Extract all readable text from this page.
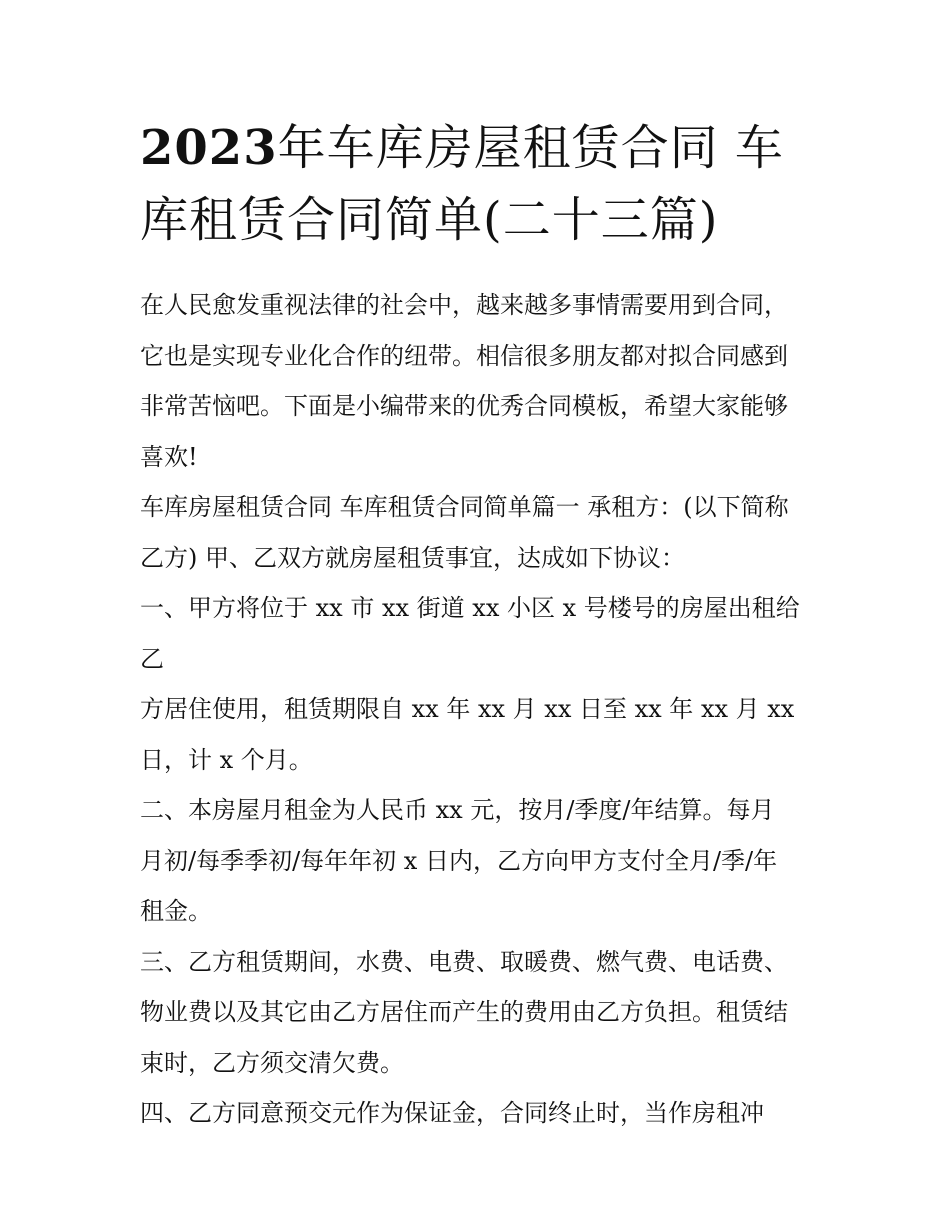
2023年车库房屋租赁合同 车库租赁合同简单(二十三篇)

在人民愈发重视法律的社会中，越来越多事情需要用到合同，
它也是实现专业化合作的纽带。相信很多朋友都对拟合同感到
非常苦恼吧。下面是小编带来的优秀合同模板，希望大家能够
喜欢!

车库房屋租赁合同 车库租赁合同简单篇一 承租方：(以下简称
乙方) 甲、乙双方就房屋租赁事宜，达成如下协议：

一、甲方将位于 xx 市 xx 街道 xx 小区 x 号楼号的房屋出租给乙
方居住使用，租赁期限自 xx 年 xx 月 xx 日至 xx 年 xx 月 xx
日，计 x 个月。

二、本房屋月租金为人民币 xx 元，按月/季度/年结算。每月
月初/每季季初/每年年初 x 日内，乙方向甲方支付全月/季/年
租金。

三、乙方租赁期间，水费、电费、取暖费、燃气费、电话费、
物业费以及其它由乙方居住而产生的费用由乙方负担。租赁结
束时，乙方须交清欠费。

四、乙方同意预交元作为保证金，合同终止时，当作房租冲
